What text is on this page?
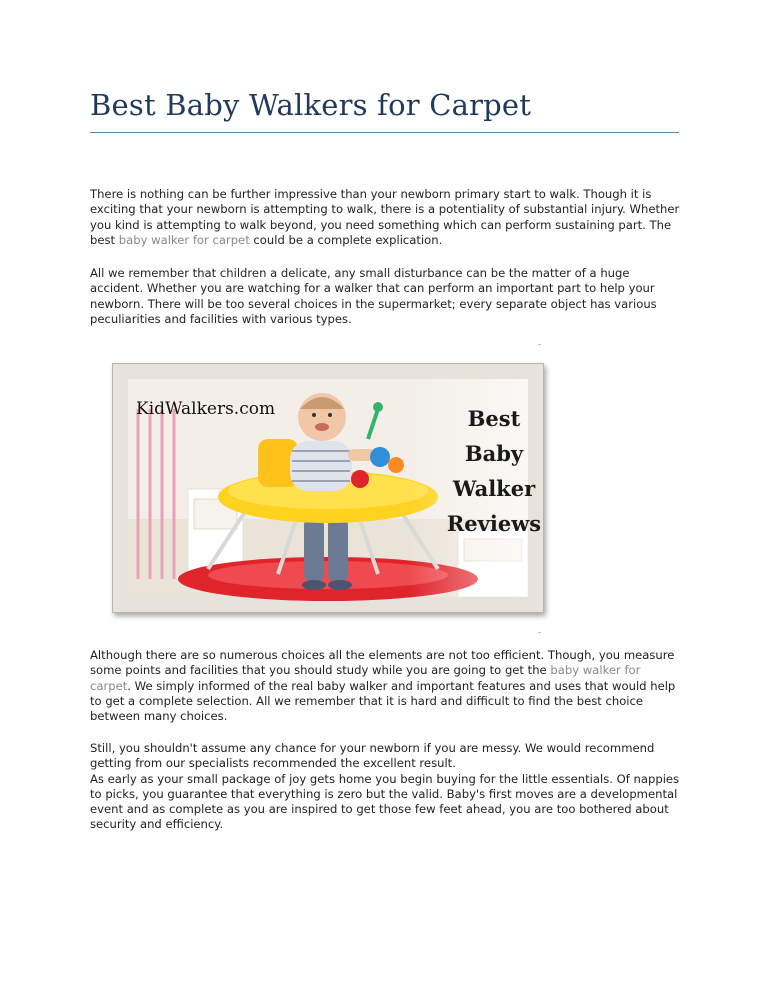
Best Baby Walkers for Carpet

There is nothing can be further impressive than your newborn primary start to walk. Though it is exciting that your newborn is attempting to walk, there is a potentiality of substantial injury. Whether you kind is attempting to walk beyond, you need something which can perform sustaining part. The best baby walker for carpet could be a complete explication.

All we remember that children a delicate, any small disturbance can be the matter of a huge accident. Whether you are watching for a walker that can perform an important part to help your newborn. There will be too several choices in the supermarket; every separate object has various peculiarities and facilities with various types.

KidWalkers.com	Best
Baby
Walker
Reviews

Although there are so numerous choices all the elements are not too efficient. Though, you measure some points and facilities that you should study while you are going to get the baby walker for carpet. We simply informed of the real baby walker and important features and uses that would help to get a complete selection. All we remember that it is hard and difficult to find the best choice between many choices.

Still, you shouldn't assume any chance for your newborn if you are messy. We would recommend getting from our specialists recommended the excellent result.
As early as your small package of joy gets home you begin buying for the little essentials. Of nappies to picks, you guarantee that everything is zero but the valid. Baby's first moves are a developmental event and as complete as you are inspired to get those few feet ahead, you are too bothered about security and efficiency.
